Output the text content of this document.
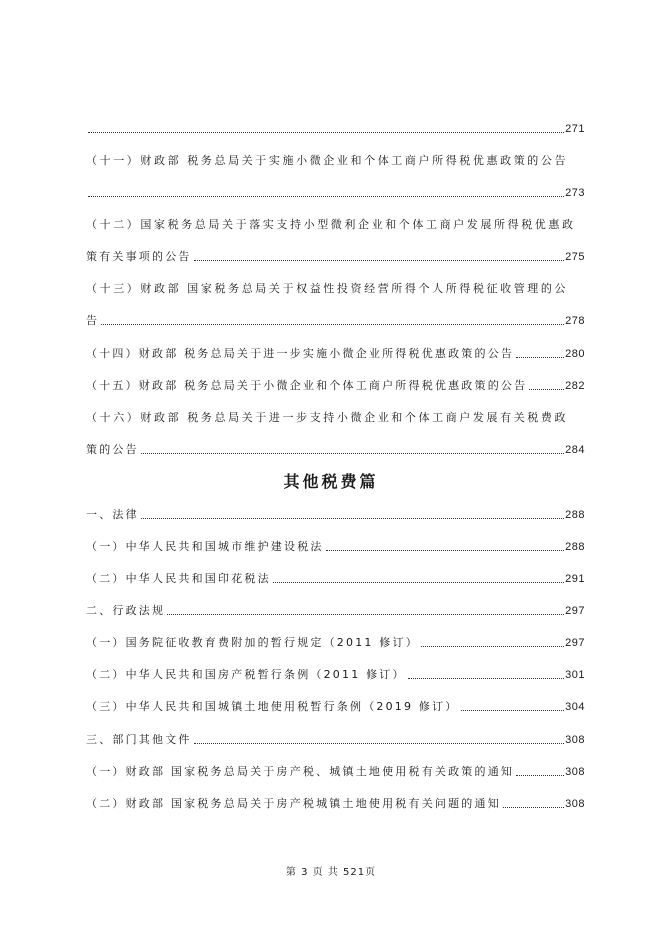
271
（十一）财政部 税务总局关于实施小微企业和个体工商户所得税优惠政策的公告
273
（十二）国家税务总局关于落实支持小型微利企业和个体工商户发展所得税优惠政
策有关事项的公告	275
（十三）财政部 国家税务总局关于权益性投资经营所得个人所得税征收管理的公
告	278
（十四）财政部 税务总局关于进一步实施小微企业所得税优惠政策的公告	280
（十五）财政部 税务总局关于小微企业和个体工商户所得税优惠政策的公告	282
（十六）财政部 税务总局关于进一步支持小微企业和个体工商户发展有关税费政
策的公告	284
其他税费篇
一、法律	288
（一）中华人民共和国城市维护建设税法	288
（二）中华人民共和国印花税法	291
二、行政法规	297
（一）国务院征收教育费附加的暂行规定（2011 修订）	297
（二）中华人民共和国房产税暂行条例（2011 修订）	301
（三）中华人民共和国城镇土地使用税暂行条例（2019 修订）	304
三、部门其他文件	308
（一）财政部 国家税务总局关于房产税、城镇土地使用税有关政策的通知	308
（二）财政部 国家税务总局关于房产税城镇土地使用税有关问题的通知	308
第 3 页 共 521页
